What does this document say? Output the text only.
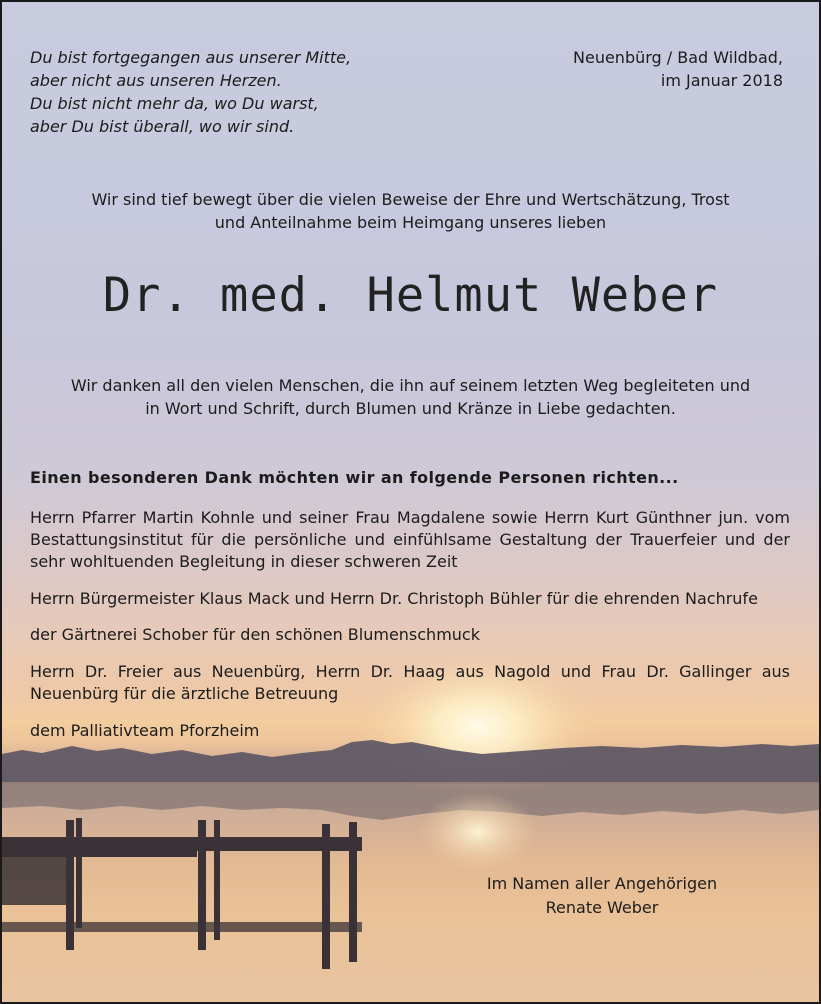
Du bist fortgegangen aus unserer Mitte,
aber nicht aus unseren Herzen.
Du bist nicht mehr da, wo Du warst,
aber Du bist überall, wo wir sind.
Neuenbürg / Bad Wildbad,
im Januar 2018
Wir sind tief bewegt über die vielen Beweise der Ehre und Wertschätzung, Trost
und Anteilnahme beim Heimgang unseres lieben
Dr. med. Helmut Weber
Wir danken all den vielen Menschen, die ihn auf seinem letzten Weg begleiteten und
in Wort und Schrift, durch Blumen und Kränze in Liebe gedachten.
Einen besonderen Dank möchten wir an folgende Personen richten...
Herrn Pfarrer Martin Kohnle und seiner Frau Magdalene sowie Herrn Kurt Günthner jun. vom Bestattungsinstitut für die persönliche und einfühlsame Gestaltung der Trauerfeier und der sehr wohltuenden Begleitung in dieser schweren Zeit
Herrn Bürgermeister Klaus Mack und Herrn Dr. Christoph Bühler für die ehrenden Nachrufe
der Gärtnerei Schober für den schönen Blumenschmuck
Herrn Dr. Freier aus Neuenbürg, Herrn Dr. Haag aus Nagold und Frau Dr. Gallinger aus Neuenbürg für die ärztliche Betreuung
dem Palliativteam Pforzheim
Im Namen aller Angehörigen
Renate Weber
